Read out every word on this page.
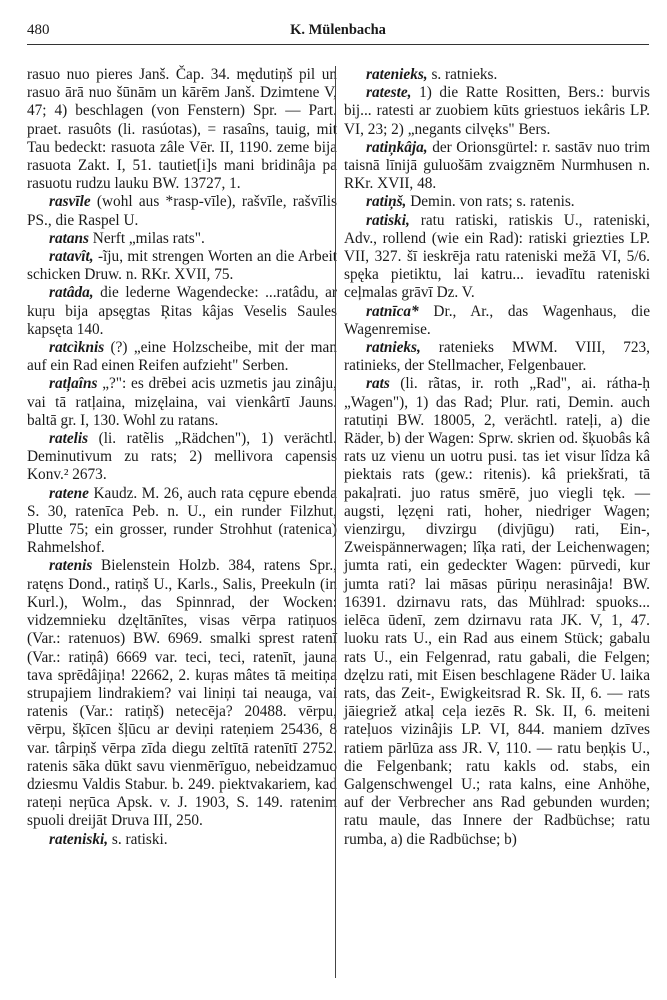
480	K. Mülenbacha

rasuo nuo pieres Janš. Čap. 34. mędutiņš pil un rasuo ārā nuo šūnām un kārēm Janš. Dzimtene V, 47; 4) beschlagen (von Fenstern) Spr. — Part. praet. rasuôts (li. rasúotas), = rasaîns, tauig, mit Tau bedeckt: rasuota zâle Vēr. II, 1190. zeme bija rasuota Zakt. I, 51. tautiet[i]s mani bridinâja pa rasuotu rudzu lauku BW. 13727, 1.

rasvīle (wohl aus *rasp-vīle), rašvīle, rašvīlis PS., die Raspel U.

ratans Nerft „milas rats".

ratavît, -ĩju, mit strengen Worten an die Arbeit schicken Druw. n. RKr. XVII, 75.

ratâda, die lederne Wagendecke: ...ratâdu, ar kuŗu bija apsęgtas Ŗitas kâjas Veselis Saules kapsęta 140.

ratcìknis (?) „eine Holzscheibe, mit der man auf ein Rad einen Reifen aufzieht" Serben.

ratļaîns „?": es drēbei acis uzmetis jau zinâju, vai tā ratļaina, mizęlaina, vai vienkârtī Jauns. baltā gr. I, 130. Wohl zu ratans.

ratelis (li. ratẽlis „Rädchen"), 1) verächtl. Deminutivum zu rats; 2) mellivora capensis Konv.² 2673.

ratene Kaudz. M. 26, auch rata cępure ebenda S. 30, ratenīca Peb. n. U., ein runder Filzhut, Plutte 75; ein grosser, runder Strohhut (ratenica) Rahmelshof.

ratenis Bielenstein Holzb. 384, ratens Spr., ratęns Dond., ratiņš U., Karls., Salis, Preekuln (in Kurl.), Wolm., das Spinnrad, der Wocken: vidzemnieku dzęltānītes, visas vērpa ratiņuos (Var.: ratenuos) BW. 6969. smalki sprest ratenī (Var.: ratiņâ) 6669 var. teci, teci, ratenīt, jauna tava sprēdâjiņa! 22662, 2. kuŗas mâtes tā meitiņa strupajiem lindrakiem? vai liniņi tai neauga, vai ratenis (Var.: ratiņš) netecēja? 20488. vērpu, vērpu, šķīcen šļūcu ar deviņi rateņiem 25436, 8 var. târpiņš vērpa zīda diegu zeltītā ratenītī 2752. ratenis sāka dūkt savu vienmērīguo, nebeidzamuo dziesmu Valdis Stabur. b. 249. piektvakariem, kad rateņi neŗūca Apsk. v. J. 1903, S. 149. ratenim spuoli dreijāt Druva III, 250.

rateniski, s. ratiski.

ratenieks, s. ratnieks.

rateste, 1) die Ratte Rositten, Bers.: burvis bij... ratesti ar zuobiem kūts griestuos iekâris LP. VI, 23; 2) „negants cilvęks" Bers.

ratiņkâja, der Orionsgürtel: r. sastāv nuo trim taisnā līnijā guluošām zvaigznēm Nurmhusen n. RKr. XVII, 48.

ratiņš, Demin. von rats; s. ratenis.

ratiski, ratu ratiski, ratiskis U., rateniski, Adv., rollend (wie ein Rad): ratiski griezties LP. VII, 327. šī ieskrēja ratu rateniski mežā VI, 5/6. spęka pietiktu, lai katru... ievadītu rateniski ceļmalas grāvī Dz. V.

ratnīca* Dr., Ar., das Wagenhaus, die Wagenremise.

ratnieks, ratenieks MWM. VIII, 723, ratinieks, der Stellmacher, Felgenbauer.

rats (li. rãtas, ir. roth „Rad", ai. rátha-ḥ „Wagen"), 1) das Rad; Plur. rati, Demin. auch ratutiņi BW. 18005, 2, verächtl. rateļi, a) die Räder, b) der Wagen: Sprw. skrien od. šķuobâs kâ rats uz vienu un uotru pusi. tas iet visur lîdza kâ piektais rats (gew.: ritenis). kâ priekšrati, tā pakaļrati. juo ratus smērē, juo viegli tęk. — augsti, lęzęni rati, hoher, niedriger Wagen; vienzirgu, divzirgu (divjūgu) rati, Ein-, Zweispännerwagen; lîķa rati, der Leichenwagen; jumta rati, ein gedeckter Wagen: pūrvedi, kur jumta rati? lai māsas pūriņu nerasinâja! BW. 16391. dzirnavu rats, das Mühlrad: spuoks... ielēca ūdenī, zem dzirnavu rata JK. V, 1, 47. luoku rats U., ein Rad aus einem Stück; gabalu rats U., ein Felgenrad, ratu gabali, die Felgen; dzęlzu rati, mit Eisen beschlagene Räder U. laika rats, das Zeit-, Ewigkeitsrad R. Sk. II, 6. — rats jāiegriež atkaļ ceļa iezēs R. Sk. II, 6. meiteni rateļuos vizinâjis LP. VI, 844. maniem dzīves ratiem pārlūza ass JR. V, 110. — ratu beņķis U., die Felgenbank; ratu kakls od. stabs, ein Galgenschwengel U.; rata kalns, eine Anhöhe, auf der Verbrecher ans Rad gebunden wurden; ratu maule, das Innere der Radbüchse; ratu rumba, a) die Radbüchse; b)
